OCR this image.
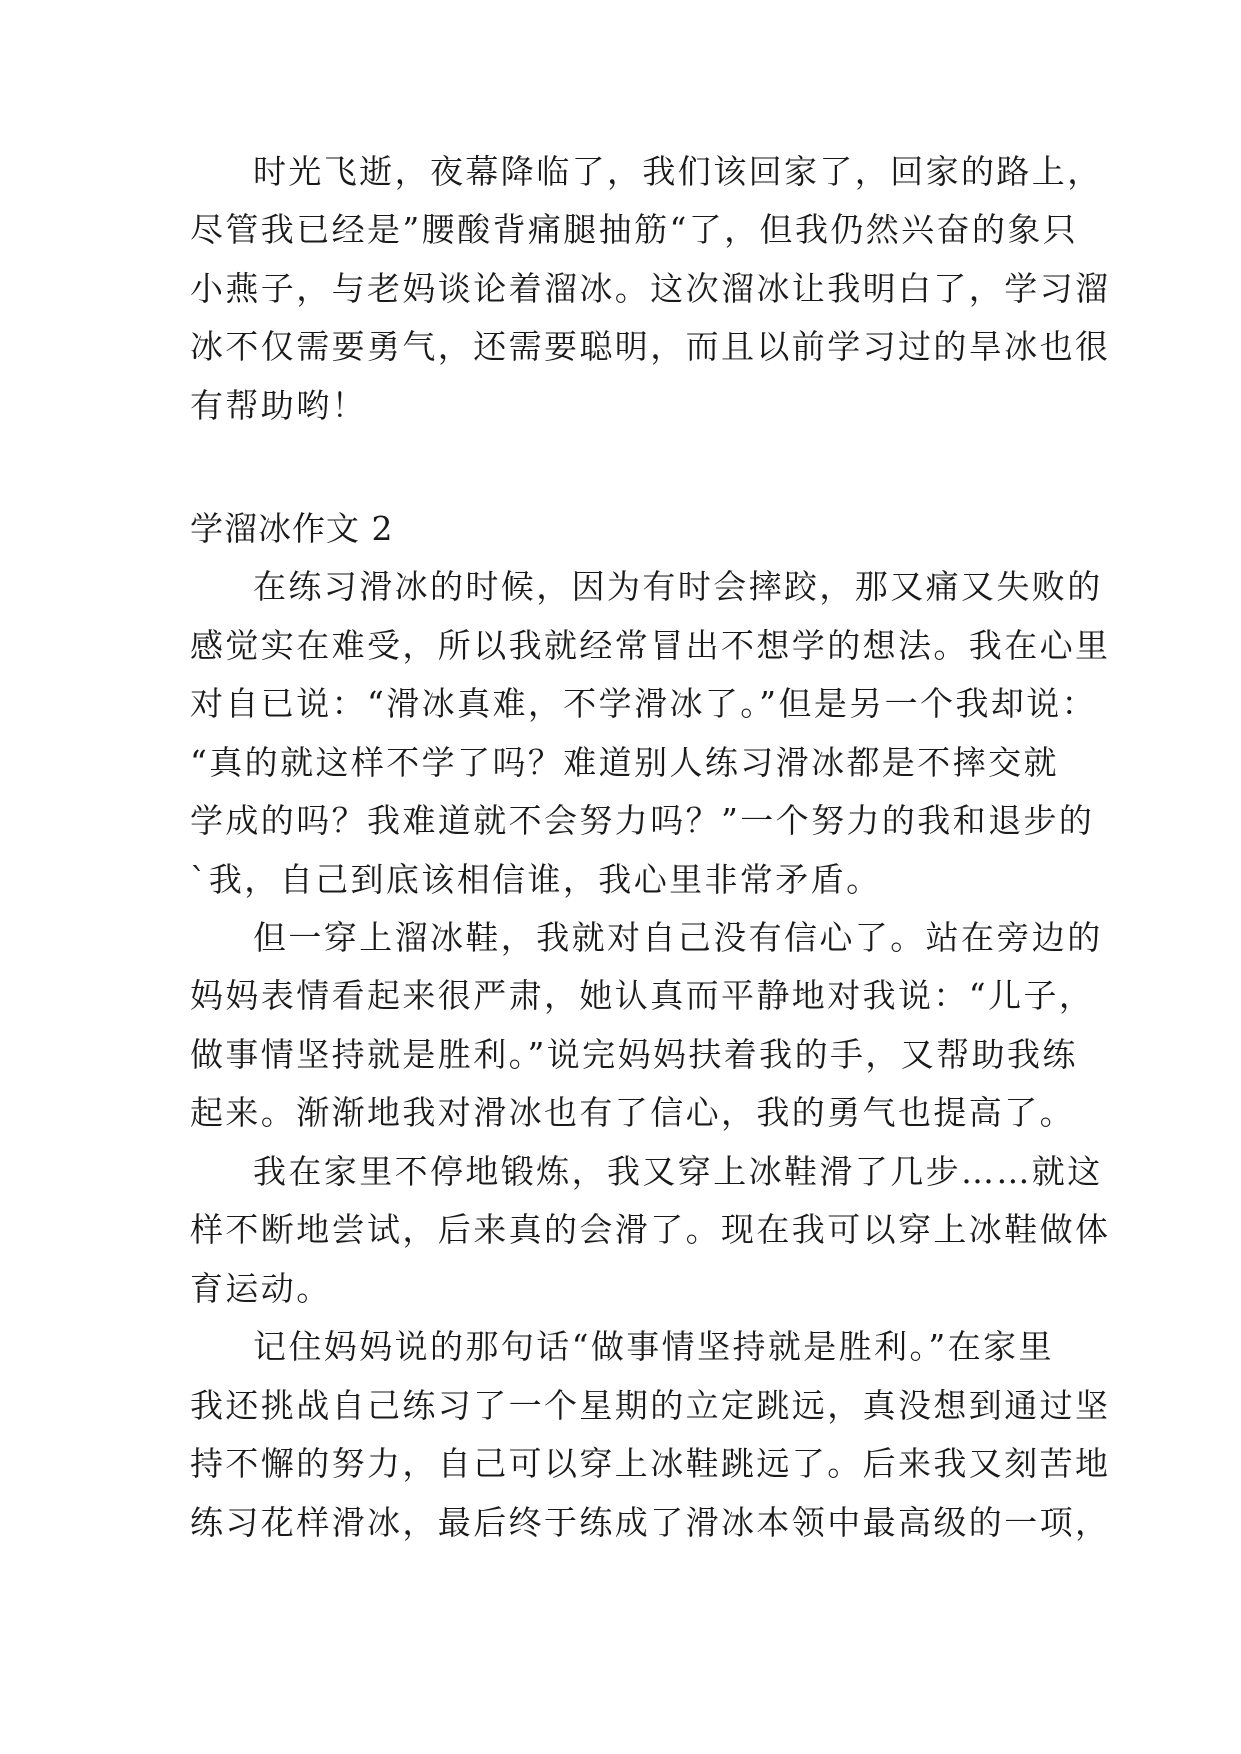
时光飞逝，夜幕降临了，我们该回家了，回家的路上，
尽管我已经是”腰酸背痛腿抽筋“了，但我仍然兴奋的象只
小燕子，与老妈谈论着溜冰。这次溜冰让我明白了，学习溜
冰不仅需要勇气，还需要聪明，而且以前学习过的旱冰也很
有帮助哟！
学溜冰作文 2
在练习滑冰的时候，因为有时会摔跤，那又痛又失败的
感觉实在难受，所以我就经常冒出不想学的想法。我在心里
对自已说：“滑冰真难，不学滑冰了。”但是另一个我却说：
“真的就这样不学了吗？难道别人练习滑冰都是不摔交就
学成的吗？我难道就不会努力吗？”一个努力的我和退步的
`我，自己到底该相信谁，我心里非常矛盾。
但一穿上溜冰鞋，我就对自己没有信心了。站在旁边的
妈妈表情看起来很严肃，她认真而平静地对我说：“儿子，
做事情坚持就是胜利。”说完妈妈扶着我的手，又帮助我练
起来。渐渐地我对滑冰也有了信心，我的勇气也提高了。
我在家里不停地锻炼，我又穿上冰鞋滑了几步……就这
样不断地尝试，后来真的会滑了。现在我可以穿上冰鞋做体
育运动。
记住妈妈说的那句话“做事情坚持就是胜利。”在家里
我还挑战自己练习了一个星期的立定跳远，真没想到通过坚
持不懈的努力，自己可以穿上冰鞋跳远了。后来我又刻苦地
练习花样滑冰，最后终于练成了滑冰本领中最高级的一项，
